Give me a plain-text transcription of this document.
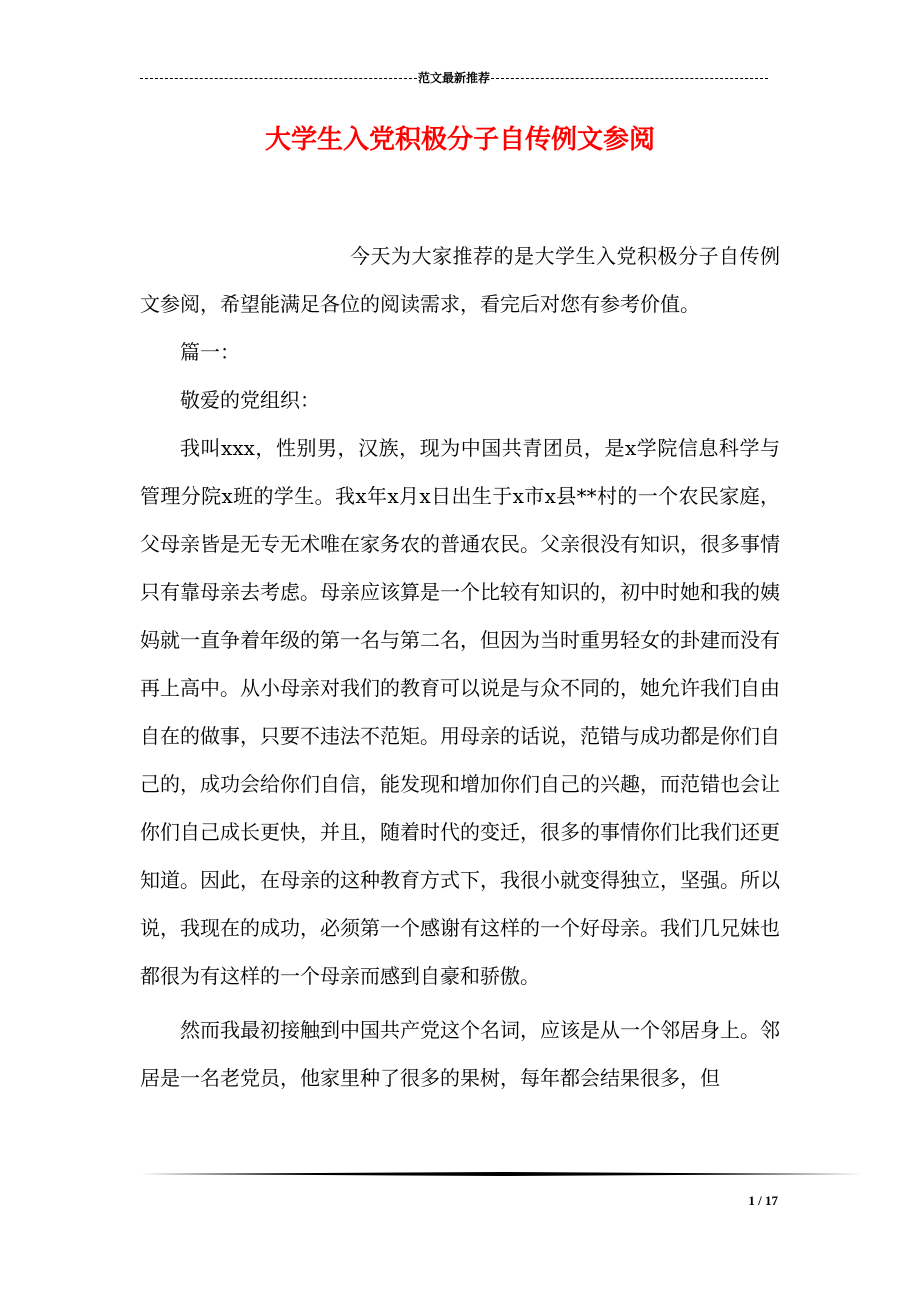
范文最新推荐
大学生入党积极分子自传例文参阅

今天为大家推荐的是大学生入党积极分子自传例文参阅，希望能满足各位的阅读需求，看完后对您有参考价值。

篇一：

敬爱的党组织：

我叫xxx，性别男，汉族，现为中国共青团员，是x学院信息科学与管理分院x班的学生。我x年x月x日出生于x市x县**村的一个农民家庭，父母亲皆是无专无术唯在家务农的普通农民。父亲很没有知识，很多事情只有靠母亲去考虑。母亲应该算是一个比较有知识的，初中时她和我的姨妈就一直争着年级的第一名与第二名，但因为当时重男轻女的卦建而没有再上高中。从小母亲对我们的教育可以说是与众不同的，她允许我们自由自在的做事，只要不违法不范矩。用母亲的话说，范错与成功都是你们自己的，成功会给你们自信，能发现和增加你们自己的兴趣，而范错也会让你们自己成长更快，并且，随着时代的变迁，很多的事情你们比我们还更知道。因此，在母亲的这种教育方式下，我很小就变得独立，坚强。所以说，我现在的成功，必须第一个感谢有这样的一个好母亲。我们几兄妹也都很为有这样的一个母亲而感到自豪和骄傲。

然而我最初接触到中国共产党这个名词，应该是从一个邻居身上。邻居是一名老党员，他家里种了很多的果树，每年都会结果很多，但

1 / 17
